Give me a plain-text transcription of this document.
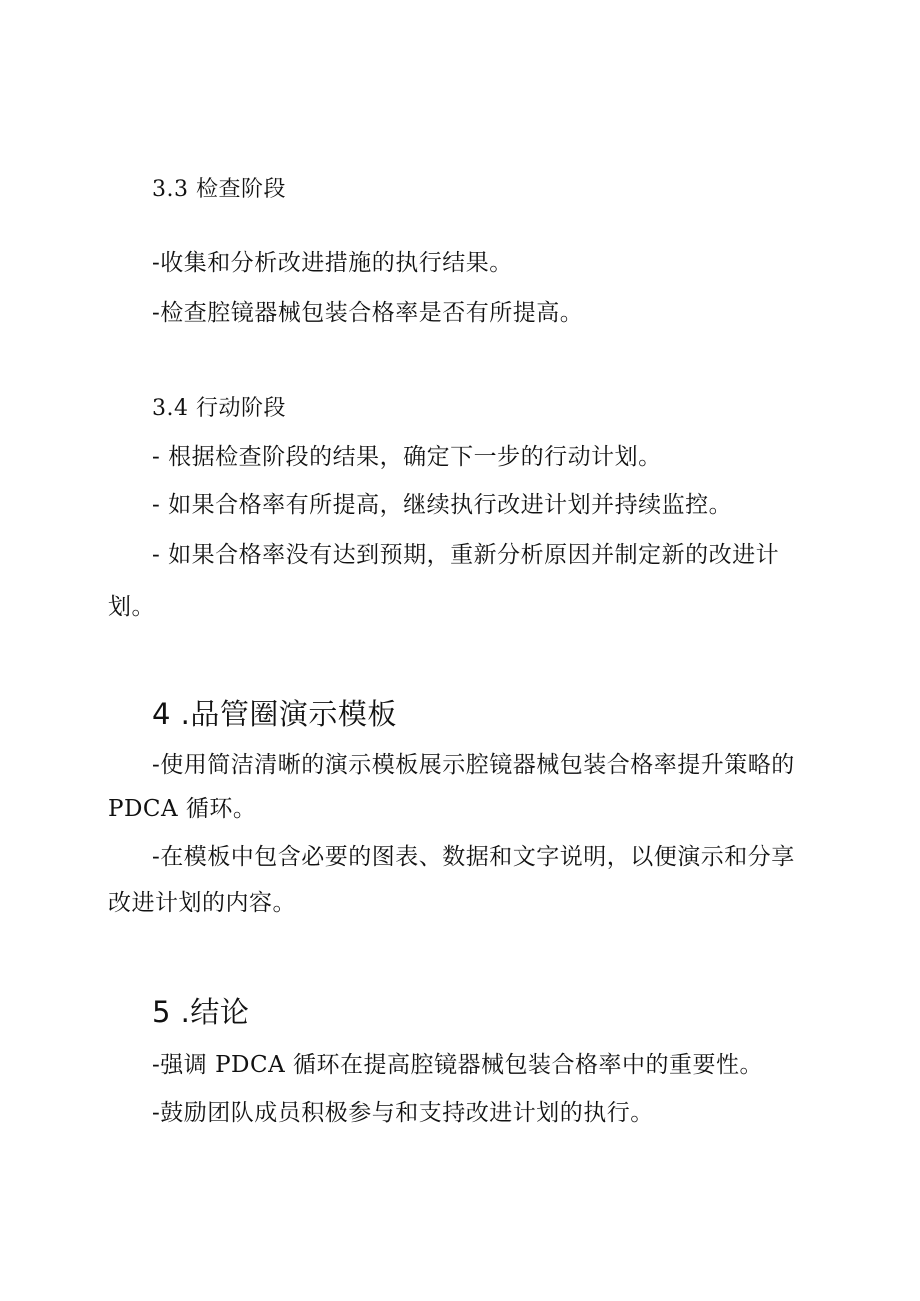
3.3 检查阶段
-收集和分析改进措施的执行结果。
-检查腔镜器械包装合格率是否有所提高。
3.4 行动阶段
- 根据检查阶段的结果，确定下一步的行动计划。
- 如果合格率有所提高，继续执行改进计划并持续监控。
- 如果合格率没有达到预期，重新分析原因并制定新的改进计
划。
4 .品管圈演示模板
-使用简洁清晰的演示模板展示腔镜器械包装合格率提升策略的
PDCA 循环。
-在模板中包含必要的图表、数据和文字说明，以便演示和分享
改进计划的内容。
5 .结论
-强调 PDCA 循环在提高腔镜器械包装合格率中的重要性。
-鼓励团队成员积极参与和支持改进计划的执行。
